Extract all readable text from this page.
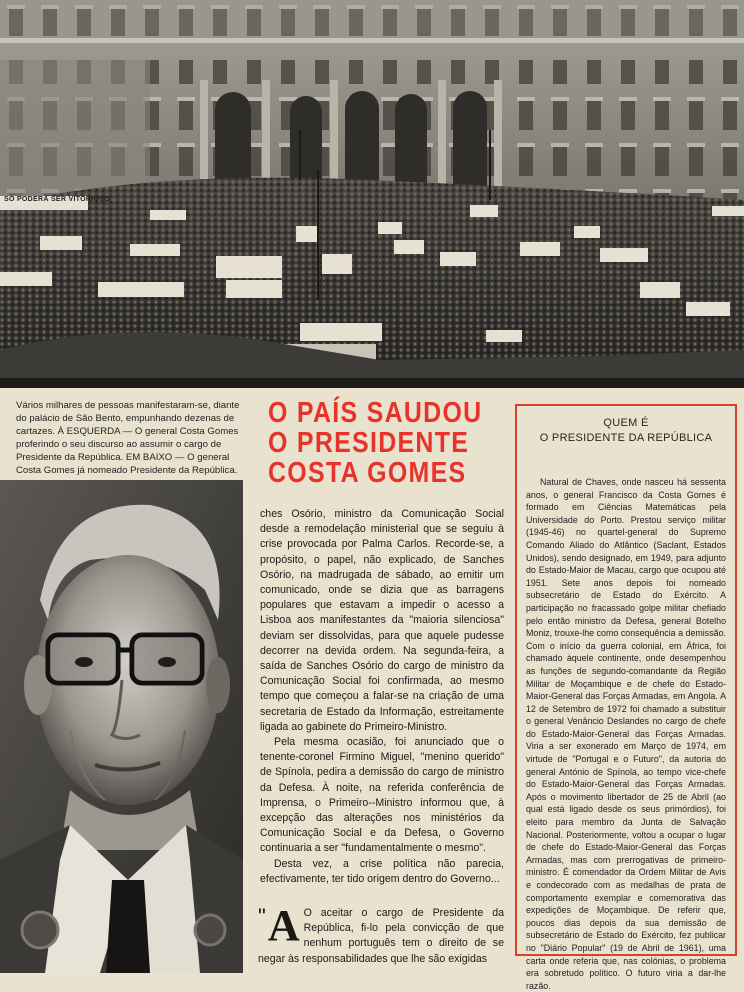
SÓ PODERÁ SER VITORIOSO
Vários milhares de pessoas manifestaram-se, diante do palácio de São Bento, empunhando dezenas de cartazes. À ESQUERDA — O general Costa Gomes proferindo o seu discurso ao assumir o cargo de Presidente da República. EM BAIXO — O general Costa Gomes já nomeado Presidente da República.
O PAÍS SAUDOU
O PRESIDENTE
COSTA GOMES

ches Osório, ministro da Comunicação Social desde a remodelação ministerial que se seguiu à crise provocada por Palma Carlos. Recorde-se, a propósito, o papel, não explicado, de Sanches Osório, na madrugada de sábado, ao emitir um comunicado, onde se dizia que as barragens populares que estavam a impedir o acesso a Lisboa aos manifestantes da "maioria silenciosa" deviam ser dissolvidas, para que aquele pudesse decorrer na devida ordem. Na segunda-feira, a saída de Sanches Osório do cargo de ministro da Comunicação Social foi confirmada, ao mesmo tempo que começou a falar-se na criação de uma secretaria de Estado da Informação, estreitamente ligada ao gabinete do Primeiro-Ministro.

Pela mesma ocasião, foi anunciado que o tenente-coronel Firmino Miguel, "menino querido" de Spínola, pedira a demissão do cargo de ministro da Defesa. À noite, na referida conferência de Imprensa, o Primeiro--Ministro informou que, à excepção das alterações nos ministérios da Comunicação Social e da Defesa, o Governo continuaria a ser "fundamentalmente o mesmo".

Desta vez, a crise política não parecia, efectivamente, ter tido origem dentro do Governo...

" A O aceitar o cargo de Presidente da República, fi-lo pela convicção de que nenhum português tem o direito de se negar às responsabilidades que lhe são exigidas
QUEM É
O PRESIDENTE DA REPÚBLICA
Natural de Chaves, onde nasceu há sessenta anos, o general Francisco da Costa Gomes é formado em Ciências Matemáticas pela Universidade do Porto. Prestou serviço militar (1945-46) no quartel-general do Supremo Comando Aliado do Atlântico (Saclant, Estados Unidos), sendo designado, em 1949, para adjunto do Estado-Maior de Macau, cargo que ocupou até 1951. Sete anos depois foi nomeado subsecretário de Estado do Exército. A participação no fracassado golpe militar chefiado pelo então ministro da Defesa, general Botelho Moniz, trouxe-lhe como consequência a demissão. Com o início da guerra colonial, em África, foi chamado àquele continente, onde desempenhou as funções de segundo-comandante da Região Militar de Moçambique e de chefe do Estado-Maior-General das Forças Armadas, em Angola. A 12 de Setembro de 1972 foi chamado a substituir o general Venâncio Deslandes no cargo de chefe do Estado-Maior-General das Forças Armadas. Viria a ser exonerado em Março de 1974, em virtude de "Portugal e o Futuro", da autoria do general António de Spínola, ao tempo vice-chefe do Estado-Maior-General das Forças Armadas. Após o movimento libertador de 25 de Abril (ao qual está ligado desde os seus primórdios), foi eleito para membro da Junta de Salvação Nacional. Posteriormente, voltou a ocupar o lugar de chefe do Estado-Maior-General das Forças Armadas, mas com prerrogativas de primeiro-ministro. É comendador da Ordem Militar de Avis e condecorado com as medalhas de prata de comportamento exemplar e comemorativa das expedições de Moçambique. De referir que, poucos dias depois da sua demissão de subsecretário de Estado do Exército, fez publicar no "Diário Popular" (19 de Abril de 1961), uma carta onde referia que, nas colónias, o problema era sobretudo político. O futuro viria a dar-lhe razão.
